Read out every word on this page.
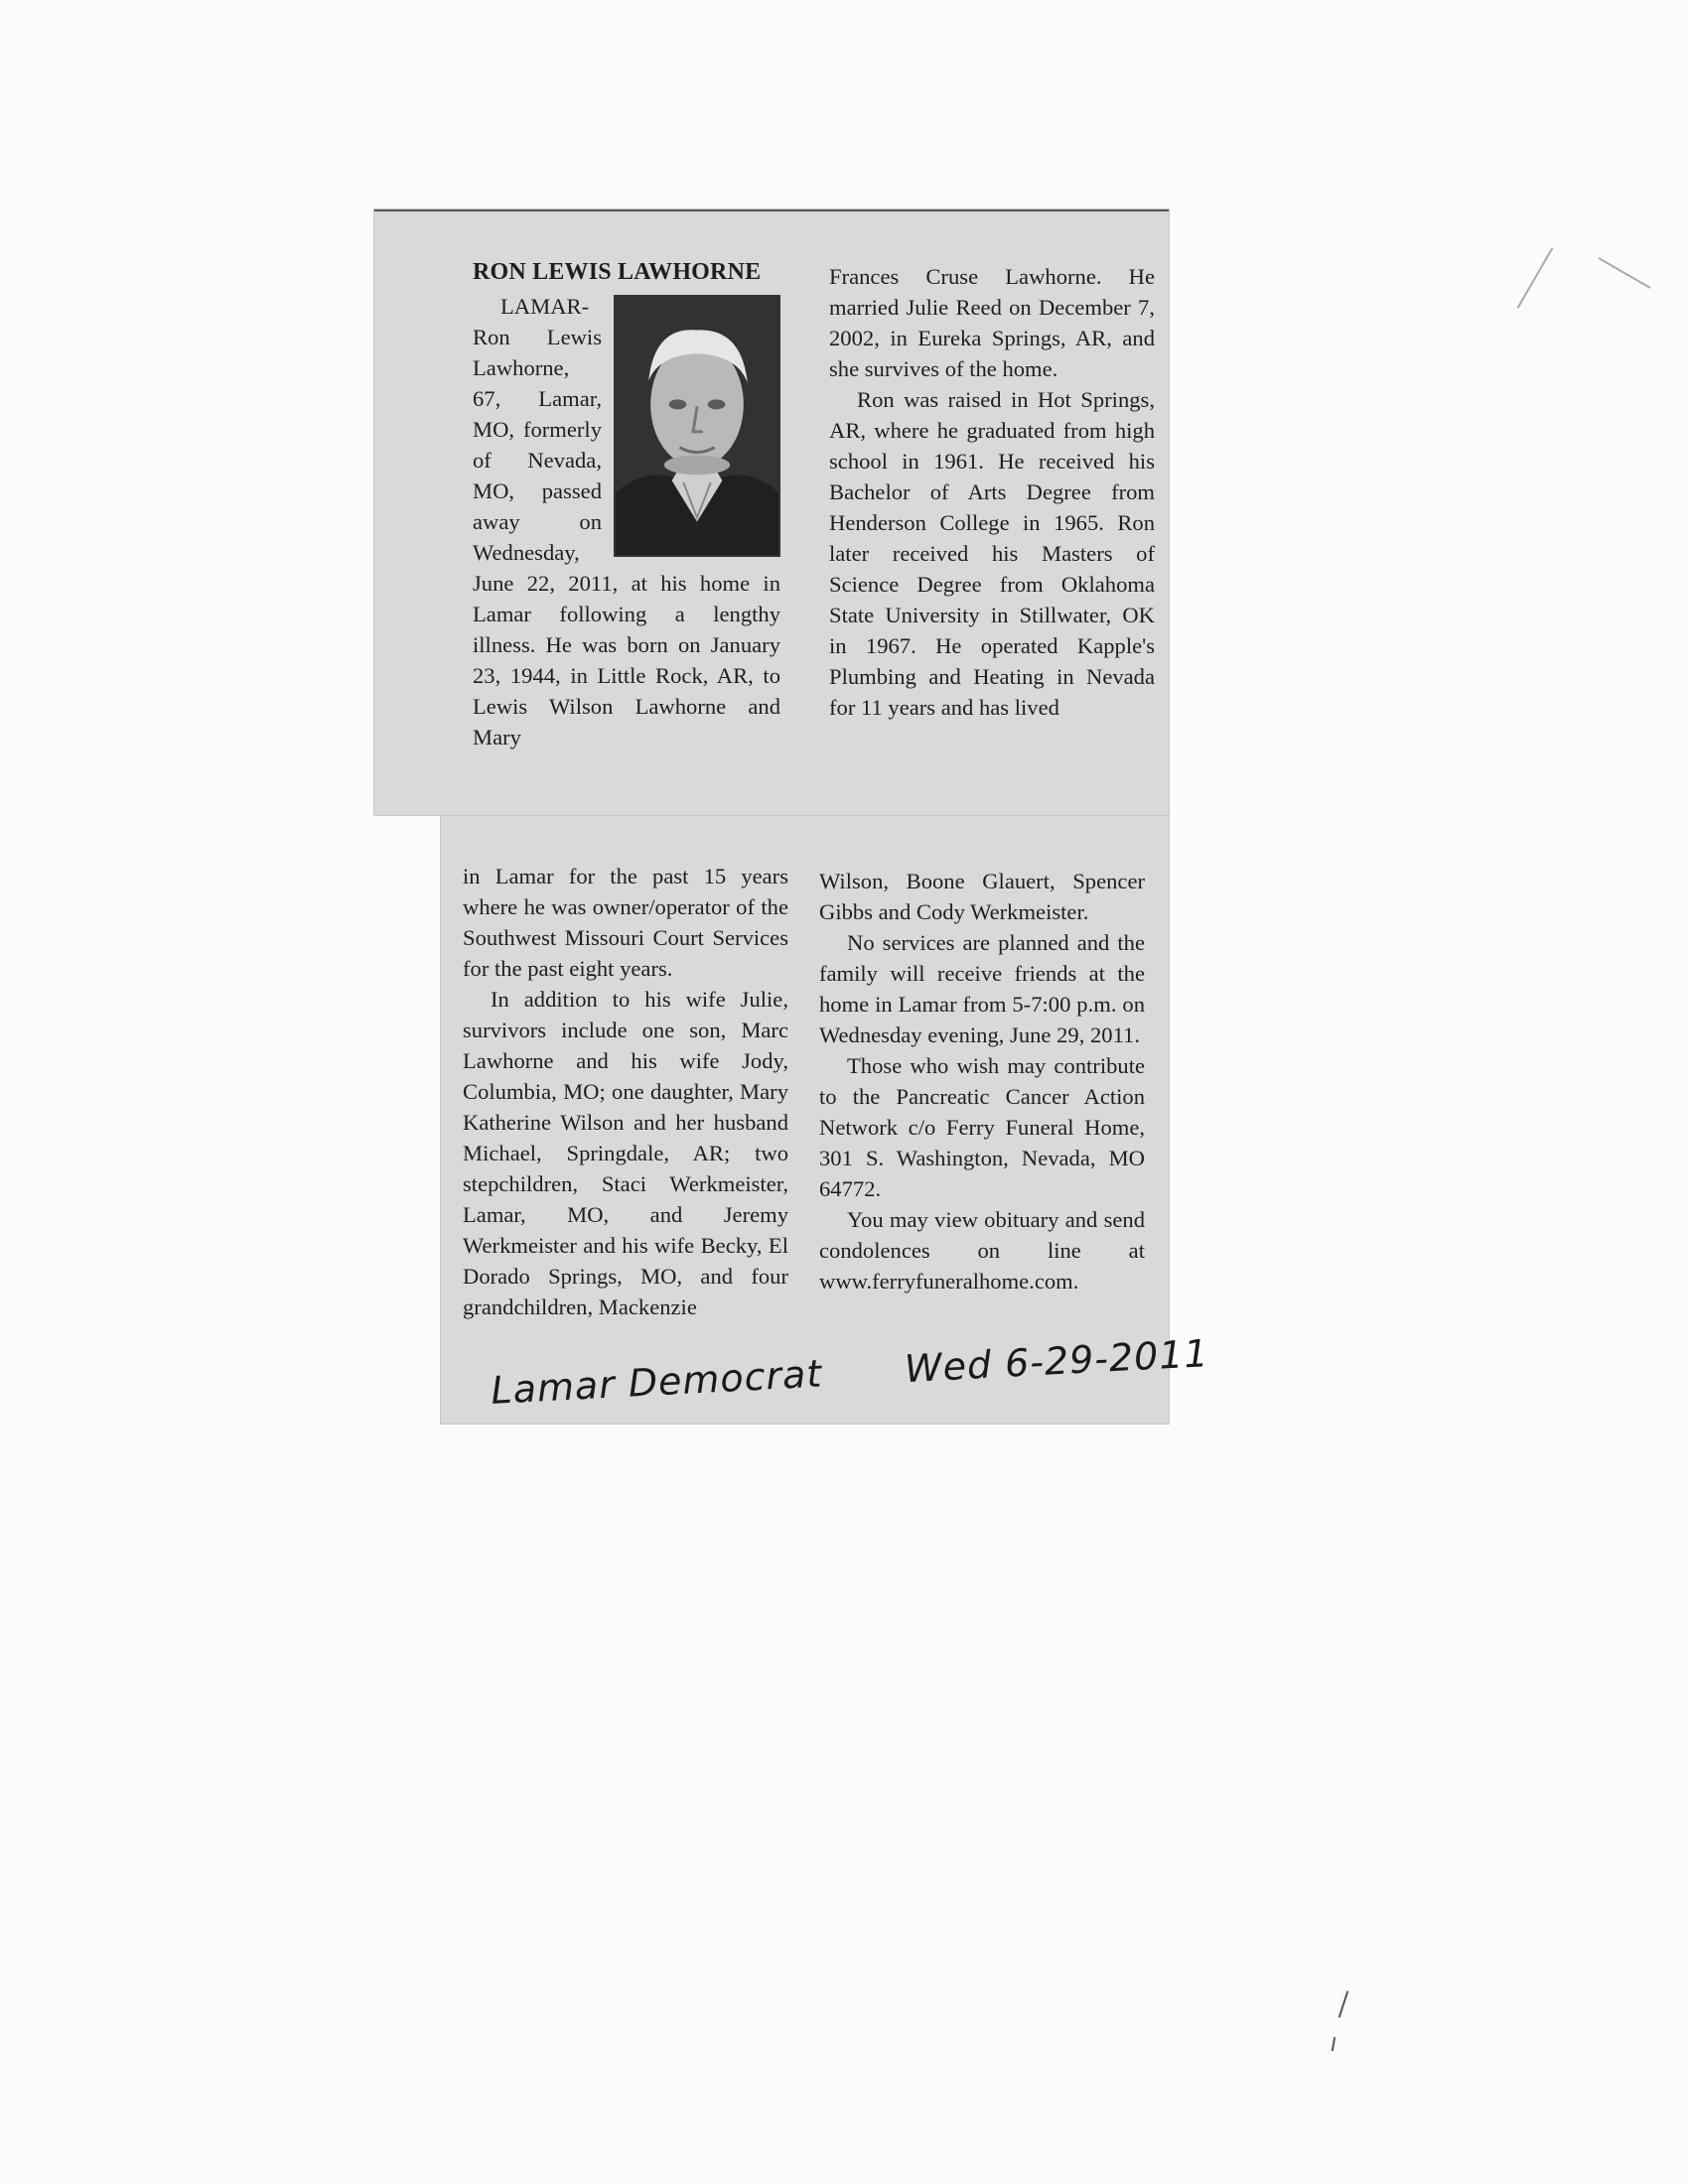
RON LEWIS LAWHORNE

LAMAR-Ron Lewis Lawhorne, 67, Lamar, MO, formerly of Nevada, MO, passed away on Wednesday, June 22, 2011, at his home in Lamar following a lengthy illness. He was born on January 23, 1944, in Little Rock, AR, to Lewis Wilson Lawhorne and Mary

Frances Cruse Lawhorne. He married Julie Reed on December 7, 2002, in Eureka Springs, AR, and she survives of the home.

Ron was raised in Hot Springs, AR, where he graduated from high school in 1961. He received his Bachelor of Arts Degree from Henderson College in 1965. Ron later received his Masters of Science Degree from Oklahoma State University in Stillwater, OK in 1967. He operated Kapple's Plumbing and Heating in Nevada for 11 years and has lived

in Lamar for the past 15 years where he was owner/operator of the Southwest Missouri Court Services for the past eight years.

In addition to his wife Julie, survivors include one son, Marc Lawhorne and his wife Jody, Columbia, MO; one daughter, Mary Katherine Wilson and her husband Michael, Springdale, AR; two stepchildren, Staci Werkmeister, Lamar, MO, and Jeremy Werkmeister and his wife Becky, El Dorado Springs, MO, and four grandchildren, Mackenzie

Wilson, Boone Glauert, Spencer Gibbs and Cody Werkmeister.

No services are planned and the family will receive friends at the home in Lamar from 5-7:00 p.m. on Wednesday evening, June 29, 2011.

Those who wish may contribute to the Pancreatic Cancer Action Network c/o Ferry Funeral Home, 301 S. Washington, Nevada, MO 64772.

You may view obituary and send condolences on line at www.ferryfuneralhome.com.

Lamar Democrat Wed 6-29-2011
